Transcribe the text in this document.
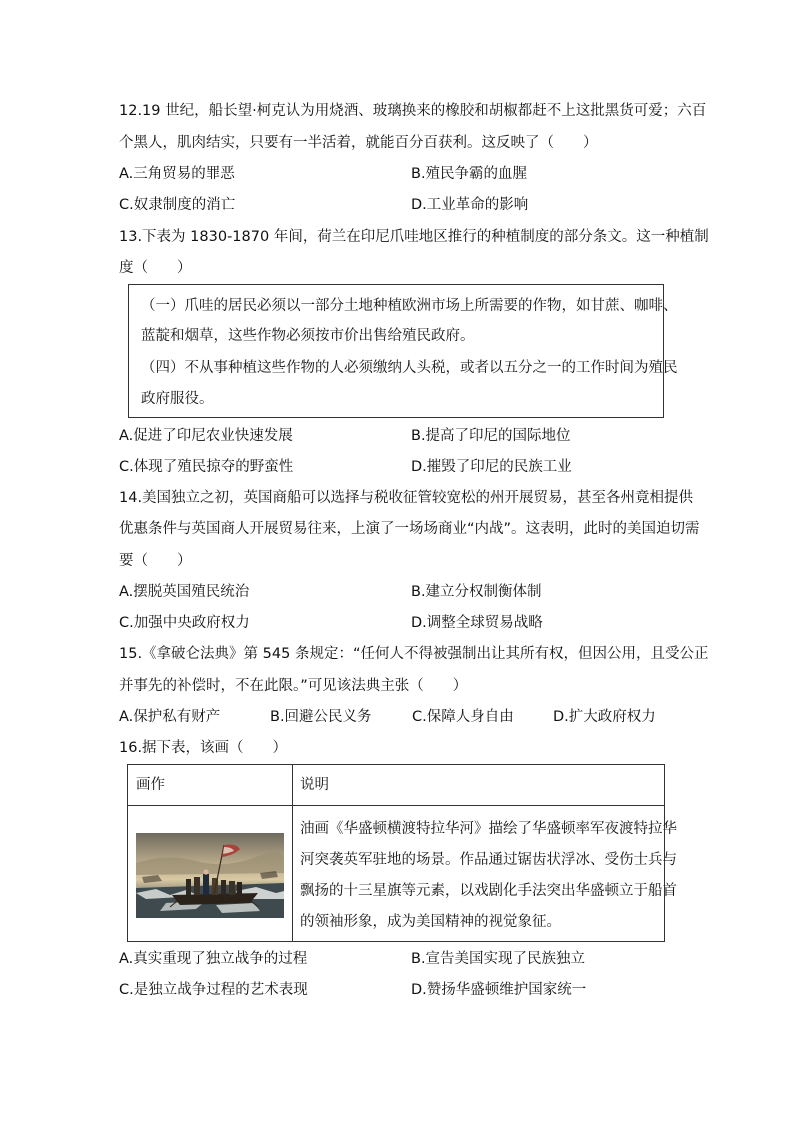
12.19 世纪，船长望·柯克认为用烧酒、玻璃换来的橡胶和胡椒都赶不上这批黑货可爱；六百
个黑人，肌肉结实，只要有一半活着，就能百分百获利。这反映了（　　）
A.三角贸易的罪恶	B.殖民争霸的血腥
C.奴隶制度的消亡	D.工业革命的影响
13.下表为 1830-1870 年间，荷兰在印尼爪哇地区推行的种植制度的部分条文。这一种植制
度（　　）
（一）爪哇的居民必须以一部分土地种植欧洲市场上所需要的作物，如甘蔗、咖啡、
蓝靛和烟草，这些作物必须按市价出售给殖民政府。
（四）不从事种植这些作物的人必须缴纳人头税，或者以五分之一的工作时间为殖民
政府服役。
A.促进了印尼农业快速发展	B.提高了印尼的国际地位
C.体现了殖民掠夺的野蛮性	D.摧毁了印尼的民族工业
14.美国独立之初，英国商船可以选择与税收征管较宽松的州开展贸易，甚至各州竟相提供
优惠条件与英国商人开展贸易往来，上演了一场场商业“内战”。这表明，此时的美国迫切需
要（　　）
A.摆脱英国殖民统治	B.建立分权制衡体制
C.加强中央政府权力	D.调整全球贸易战略
15.《拿破仑法典》第 545 条规定：“任何人不得被强制出让其所有权，但因公用，且受公正
并事先的补偿时，不在此限。”可见该法典主张（　　）
A.保护私有财产	B.回避公民义务	C.保障人身自由	D.扩大政府权力
16.据下表，该画（　　）
画作	说明
油画《华盛顿横渡特拉华河》描绘了华盛顿率军夜渡特拉华
河突袭英军驻地的场景。作品通过锯齿状浮冰、受伤士兵与
飘扬的十三星旗等元素，以戏剧化手法突出华盛顿立于船首
的领袖形象，成为美国精神的视觉象征。
A.真实重现了独立战争的过程	B.宣告美国实现了民族独立
C.是独立战争过程的艺术表现	D.赞扬华盛顿维护国家统一
